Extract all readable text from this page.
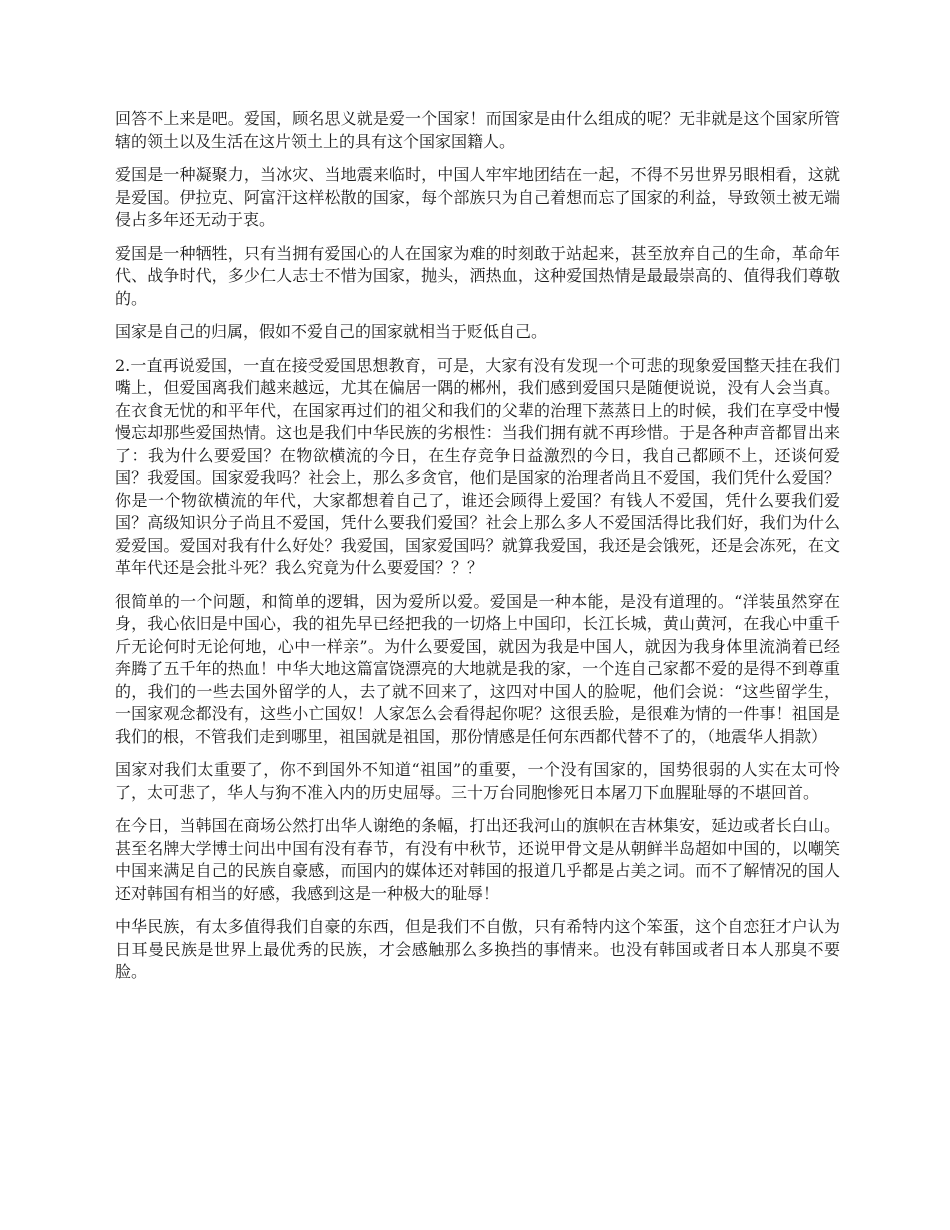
回答不上来是吧。爱国，顾名思义就是爱一个国家！而国家是由什么组成的呢？无非就是这个国家所管辖的领土以及生活在这片领土上的具有这个国家国籍人。

爱国是一种凝聚力，当冰灾、当地震来临时，中国人牢牢地团结在一起，不得不另世界另眼相看，这就是爱国。伊拉克、阿富汗这样松散的国家，每个部族只为自己着想而忘了国家的利益，导致领土被无端侵占多年还无动于衷。

爱国是一种牺牲，只有当拥有爱国心的人在国家为难的时刻敢于站起来，甚至放弃自己的生命，革命年代、战争时代，多少仁人志士不惜为国家，抛头，洒热血，这种爱国热情是最最崇高的、值得我们尊敬的。

国家是自己的归属，假如不爱自己的国家就相当于贬低自己。

2.一直再说爱国，一直在接受爱国思想教育，可是，大家有没有发现一个可悲的现象爱国整天挂在我们嘴上，但爱国离我们越来越远，尤其在偏居一隅的郴州，我们感到爱国只是随便说说，没有人会当真。在衣食无忧的和平年代，在国家再过们的祖父和我们的父辈的治理下蒸蒸日上的时候，我们在享受中慢慢忘却那些爱国热情。这也是我们中华民族的劣根性：当我们拥有就不再珍惜。于是各种声音都冒出来了：我为什么要爱国？在物欲横流的今日，在生存竞争日益激烈的今日，我自己都顾不上，还谈何爱国？我爱国。国家爱我吗？社会上，那么多贪官，他们是国家的治理者尚且不爱国，我们凭什么爱国？你是一个物欲横流的年代，大家都想着自己了，谁还会顾得上爱国？有钱人不爱国，凭什么要我们爱国？高级知识分子尚且不爱国，凭什么要我们爱国？社会上那么多人不爱国活得比我们好，我们为什么爱爱国。爱国对我有什么好处？我爱国，国家爱国吗？就算我爱国，我还是会饿死，还是会冻死，在文革年代还是会批斗死？我么究竟为什么要爱国？？？

很简单的一个问题，和简单的逻辑，因为爱所以爱。爱国是一种本能，是没有道理的。“洋装虽然穿在身，我心依旧是中国心，我的祖先早已经把我的一切烙上中国印，长江长城，黄山黄河，在我心中重千斤无论何时无论何地，心中一样亲”。为什么要爱国，就因为我是中国人，就因为我身体里流淌着已经奔腾了五千年的热血！中华大地这篇富饶漂亮的大地就是我的家，一个连自己家都不爱的是得不到尊重的，我们的一些去国外留学的人，去了就不回来了，这四对中国人的脸呢，他们会说：“这些留学生，一国家观念都没有，这些小亡国奴！人家怎么会看得起你呢？这很丢脸，是很难为情的一件事！祖国是我们的根，不管我们走到哪里，祖国就是祖国，那份情感是任何东西都代替不了的，（地震华人捐款）

国家对我们太重要了，你不到国外不知道“祖国”的重要，一个没有国家的，国势很弱的人实在太可怜了，太可悲了，华人与狗不准入内的历史屈辱。三十万台同胞惨死日本屠刀下血腥耻辱的不堪回首。

在今日，当韩国在商场公然打出华人谢绝的条幅，打出还我河山的旗帜在吉林集安，延边或者长白山。甚至名牌大学博士问出中国有没有春节，有没有中秋节，还说甲骨文是从朝鲜半岛超如中国的，以嘲笑中国来满足自己的民族自豪感，而国内的媒体还对韩国的报道几乎都是占美之词。而不了解情况的国人还对韩国有相当的好感，我感到这是一种极大的耻辱！

中华民族，有太多值得我们自豪的东西，但是我们不自傲，只有希特内这个笨蛋，这个自恋狂才户认为日耳曼民族是世界上最优秀的民族，才会感触那么多换挡的事情来。也没有韩国或者日本人那臭不要脸。
